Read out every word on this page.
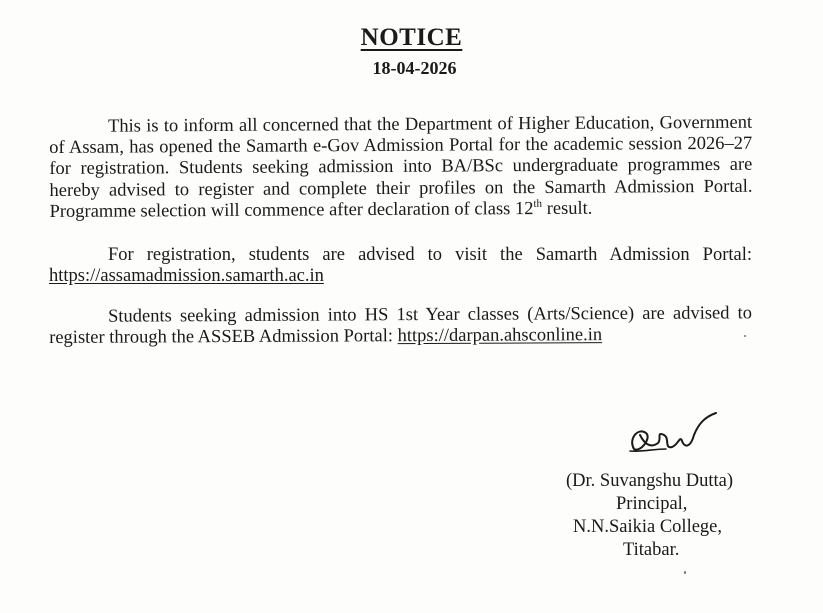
NOTICE
18-04-2026

This is to inform all concerned that the Department of Higher Education, Government of Assam, has opened the Samarth e-Gov Admission Portal for the academic session 2026–27 for registration. Students seeking admission into BA/BSc undergraduate programmes are hereby advised to register and complete their profiles on the Samarth Admission Portal. Programme selection will commence after declaration of class 12th result.

For registration, students are advised to visit the Samarth Admission Portal: https://assamadmission.samarth.ac.in

Students seeking admission into HS 1st Year classes (Arts/Science) are advised to register through the ASSEB Admission Portal: https://darpan.ahsconline.in

(Dr. Suvangshu Dutta)
Principal,
N.N.Saikia College,
Titabar.
